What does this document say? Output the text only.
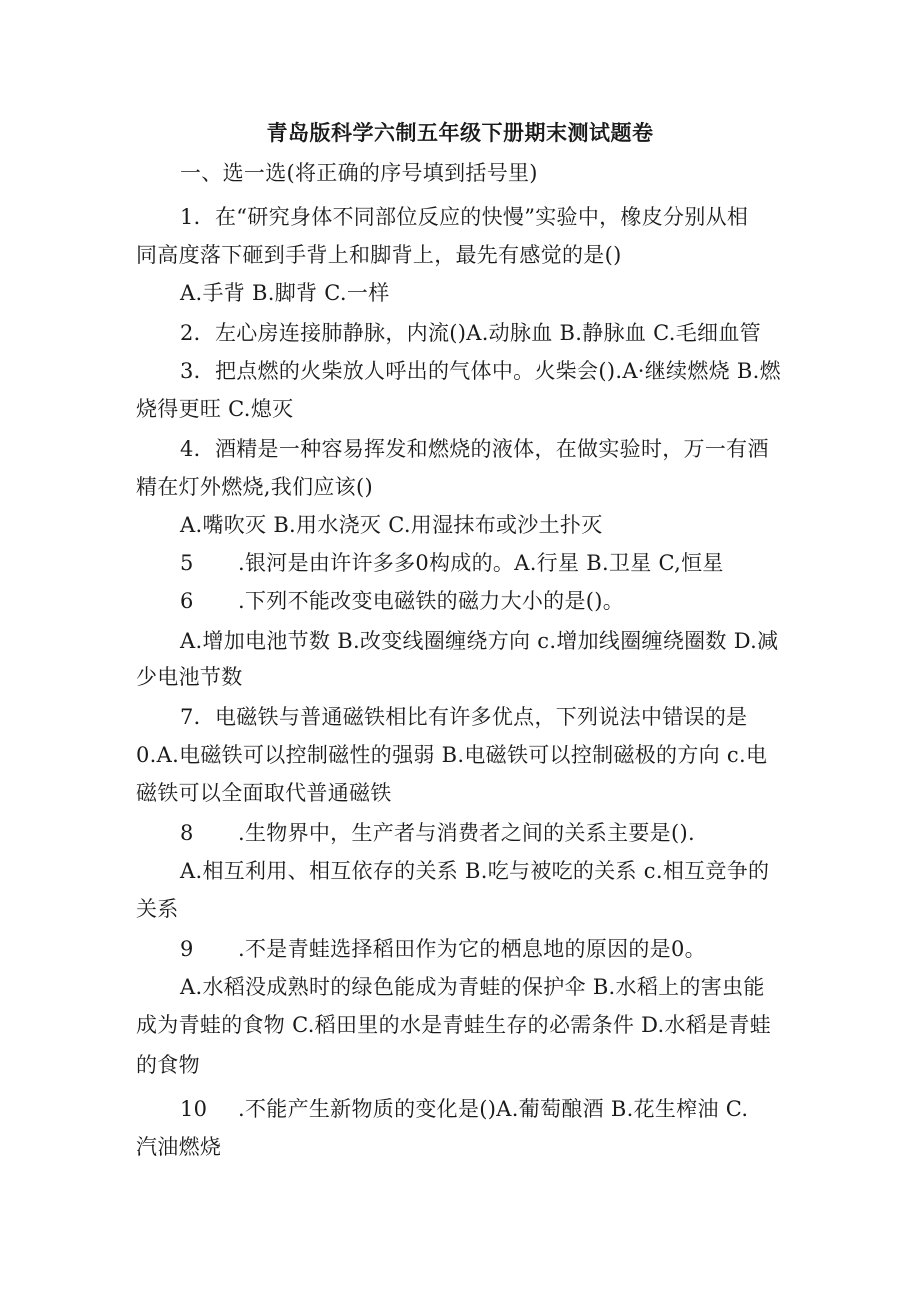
青岛版科学六制五年级下册期末测试题卷
一、选一选(将正确的序号填到括号里)
1．在“研究身体不同部位反应的快慢”实验中，橡皮分别从相
同高度落下砸到手背上和脚背上，最先有感觉的是()
A.手背 B.脚背 C.一样
2．左心房连接肺静脉，内流()A.动脉血 B.静脉血 C.毛细血管
3．把点燃的火柴放人呼出的气体中。火柴会().A·继续燃烧 B.燃
烧得更旺 C.熄灭
4．酒精是一种容易挥发和燃烧的液体，在做实验时，万一有酒
精在灯外燃烧,我们应该()
A.嘴吹灭 B.用水浇灭 C.用湿抹布或沙土扑灭
5 .银河是由许许多多0构成的。A.行星 B.卫星 C,恒星
6 .下列不能改变电磁铁的磁力大小的是()。
A.增加电池节数 B.改变线圈缠绕方向 c.增加线圈缠绕圈数 D.减
少电池节数
7．电磁铁与普通磁铁相比有许多优点，下列说法中错误的是
0.A.电磁铁可以控制磁性的强弱 B.电磁铁可以控制磁极的方向 c.电
磁铁可以全面取代普通磁铁
8 .生物界中，生产者与消费者之间的关系主要是().
A.相互利用、相互依存的关系 B.吃与被吃的关系 c.相互竞争的
关系
9 .不是青蛙选择稻田作为它的栖息地的原因的是0。
A.水稻没成熟时的绿色能成为青蛙的保护伞 B.水稻上的害虫能
成为青蛙的食物 C.稻田里的水是青蛙生存的必需条件 D.水稻是青蛙
的食物
10 .不能产生新物质的变化是()A.葡萄酿酒 B.花生榨油 C.
汽油燃烧
